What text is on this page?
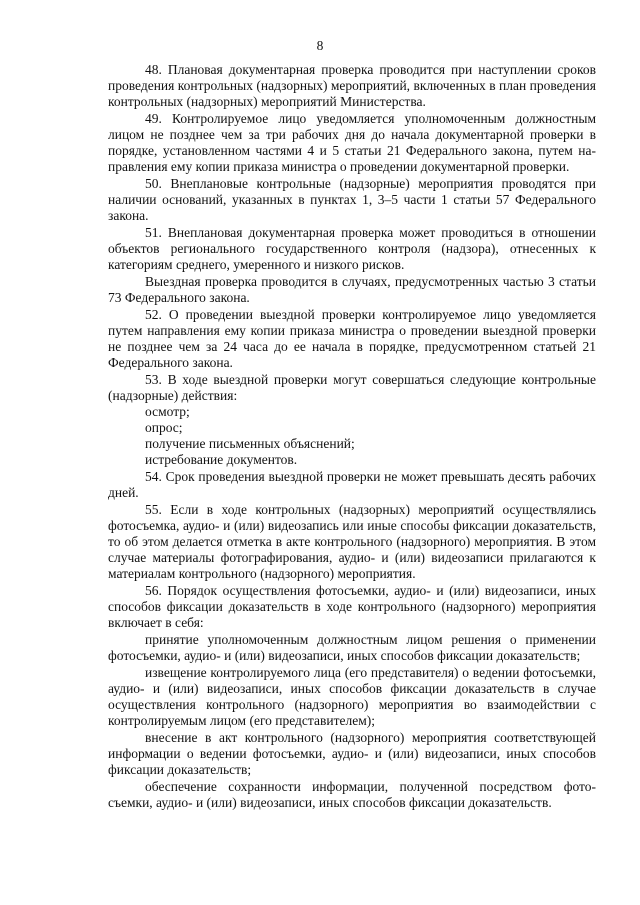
8

48. Плановая документарная проверка проводится при наступлении сроков проведения контрольных (надзорных) мероприятий, включенных в план проведения контрольных (надзорных) мероприятий Министерства.

49. Контролируемое лицо уведомляется уполномоченным должностным лицом не позднее чем за три рабочих дня до начала документарной проверки в порядке, установленном частями 4 и 5 статьи 21 Федерального закона, путем направления ему копии приказа министра о проведении документарной проверки.

50. Внеплановые контрольные (надзорные) мероприятия проводятся при наличии оснований, указанных в пунктах 1, 3–5 части 1 статьи 57 Федерального закона.

51. Внеплановая документарная проверка может проводиться в отношении объектов регионального государственного контроля (надзора), отнесенных к категориям среднего, умеренного и низкого рисков.

Выездная проверка проводится в случаях, предусмотренных частью 3 статьи 73 Федерального закона.

52. О проведении выездной проверки контролируемое лицо уведомляется путем направления ему копии приказа министра о проведении выездной проверки не позднее чем за 24 часа до ее начала в порядке, предусмотренном статьей 21 Федерального закона.

53. В ходе выездной проверки могут совершаться следующие контрольные (надзорные) действия:

осмотр;

опрос;

получение письменных объяснений;

истребование документов.

54. Срок проведения выездной проверки не может превышать десять рабочих дней.

55. Если в ходе контрольных (надзорных) мероприятий осуществлялись фотосъемка, аудио- и (или) видеозапись или иные способы фиксации доказательств, то об этом делается отметка в акте контрольного (надзорного) мероприятия. В этом случае материалы фотографирования, аудио- и (или) видеозаписи прилагаются к материалам контрольного (надзорного) мероприятия.

56. Порядок осуществления фотосъемки, аудио- и (или) видеозаписи, иных способов фиксации доказательств в ходе контрольного (надзорного) мероприятия включает в себя:

принятие уполномоченным должностным лицом решения о применении фотосъемки, аудио- и (или) видеозаписи, иных способов фиксации доказательств;

извещение контролируемого лица (его представителя) о ведении фотосъемки, аудио- и (или) видеозаписи, иных способов фиксации доказательств в случае осуществления контрольного (надзорного) мероприятия во взаимодействии с контролируемым лицом (его представителем);

внесение в акт контрольного (надзорного) мероприятия соответствующей информации о ведении фотосъемки, аудио- и (или) видеозаписи, иных способов фиксации доказательств;

обеспечение сохранности информации, полученной посредством фотосъемки, аудио- и (или) видеозаписи, иных способов фиксации доказательств.
